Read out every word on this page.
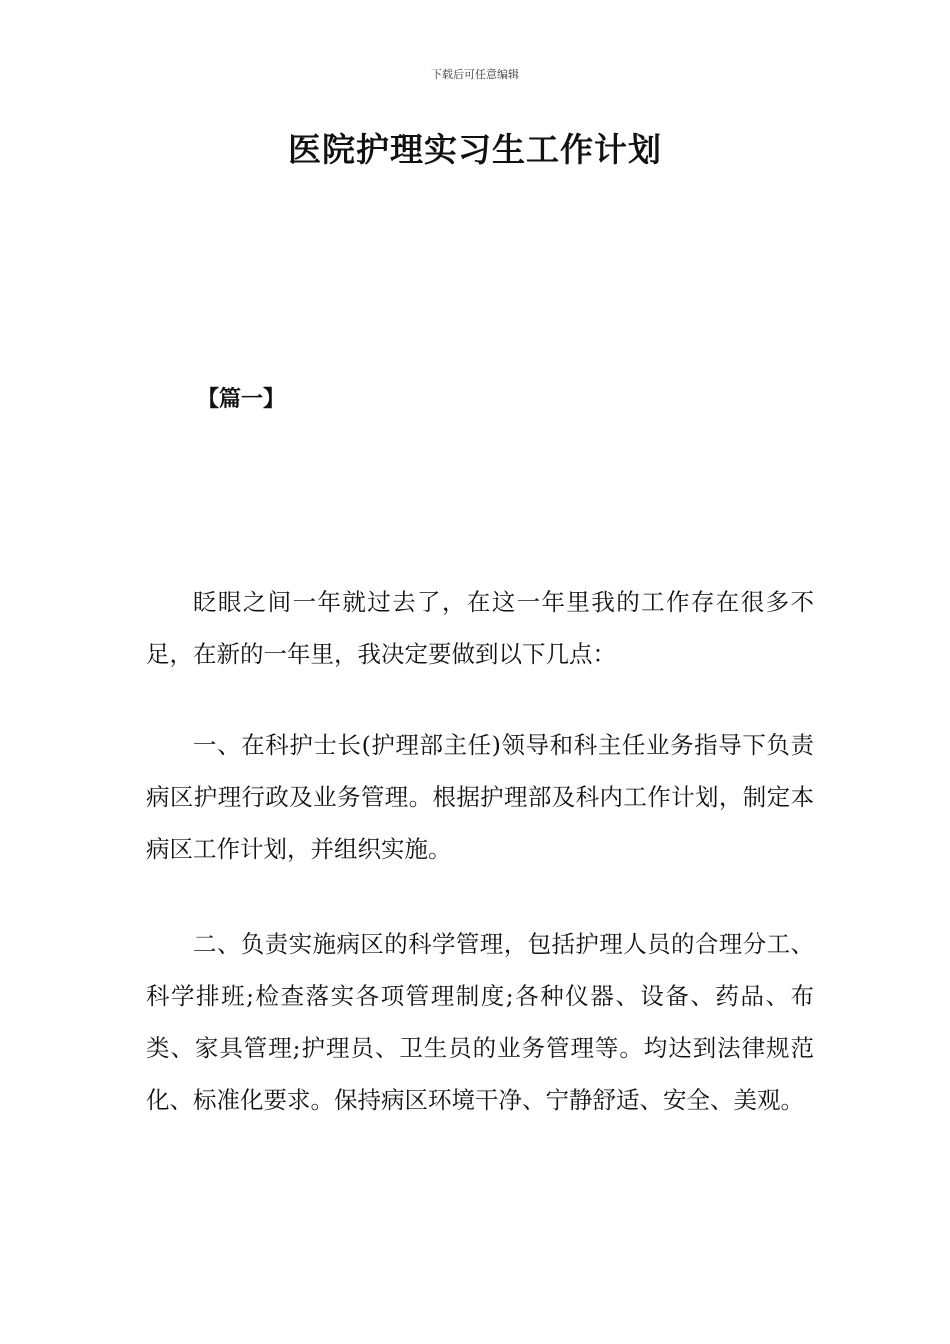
下载后可任意编辑
医院护理实习生工作计划
【篇一】
眨眼之间一年就过去了，在这一年里我的工作存在很多不足，在新的一年里，我决定要做到以下几点：
一、在科护士长(护理部主任)领导和科主任业务指导下负责病区护理行政及业务管理。根据护理部及科内工作计划，制定本病区工作计划，并组织实施。
二、负责实施病区的科学管理，包括护理人员的合理分工、科学排班;检查落实各项管理制度;各种仪器、设备、药品、布类、家具管理;护理员、卫生员的业务管理等。均达到法律规范化、标准化要求。保持病区环境干净、宁静舒适、安全、美观。
